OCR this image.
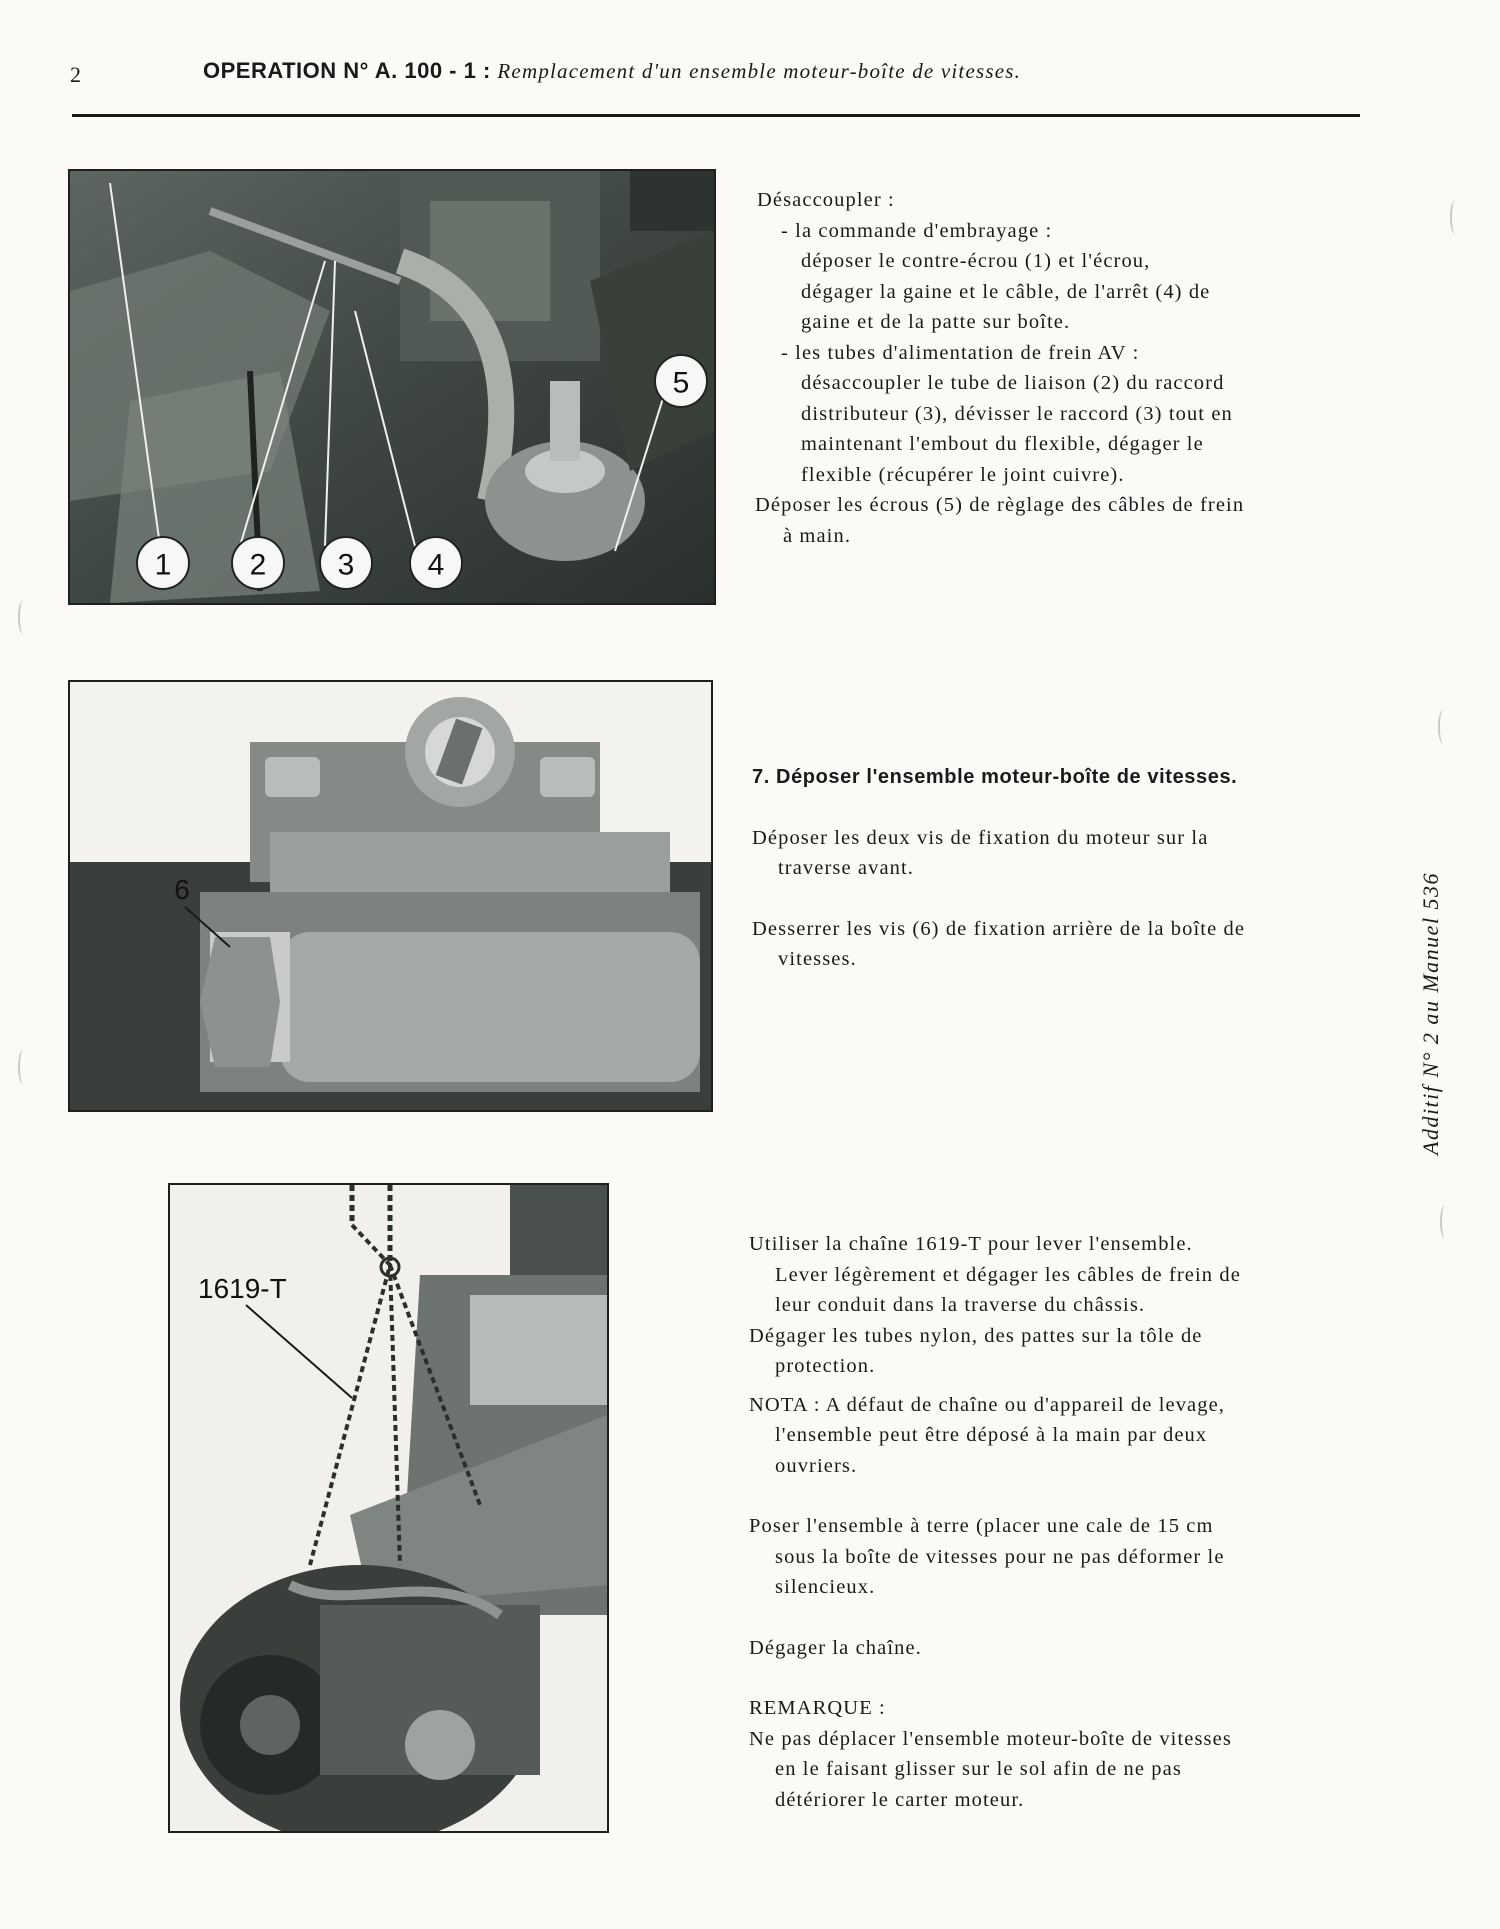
2	OPERATION N° A. 100 - 1 : Remplacement d'un ensemble moteur-boîte de vitesses.
1	2 3 4
5
6
1619-T
Désaccoupler :
- la commande d'embrayage :
déposer le contre-écrou (1) et l'écrou,
dégager la gaine et le câble, de l'arrêt (4) de
gaine et de la patte sur boîte.
- les tubes d'alimentation de frein AV :
désaccoupler le tube de liaison (2) du raccord
distributeur (3), dévisser le raccord (3) tout en
maintenant l'embout du flexible, dégager le
flexible (récupérer le joint cuivre).
Déposer les écrous (5) de règlage des câbles de frein
à main.
7. Déposer l'ensemble moteur-boîte de vitesses.
Déposer les deux vis de fixation du moteur sur la
traverse avant.
Desserrer les vis (6) de fixation arrière de la boîte de
vitesses.
Utiliser la chaîne 1619-T pour lever l'ensemble.
Lever légèrement et dégager les câbles de frein de
leur conduit dans la traverse du châssis.
Dégager les tubes nylon, des pattes sur la tôle de
protection.
NOTA : A défaut de chaîne ou d'appareil de levage,
l'ensemble peut être déposé à la main par deux
ouvriers.
Poser l'ensemble à terre (placer une cale de 15 cm
sous la boîte de vitesses pour ne pas déformer le
silencieux.
Dégager la chaîne.
REMARQUE :
Ne pas déplacer l'ensemble moteur-boîte de vitesses
en le faisant glisser sur le sol afin de ne pas
détériorer le carter moteur.
Additif N° 2 au Manuel 536
